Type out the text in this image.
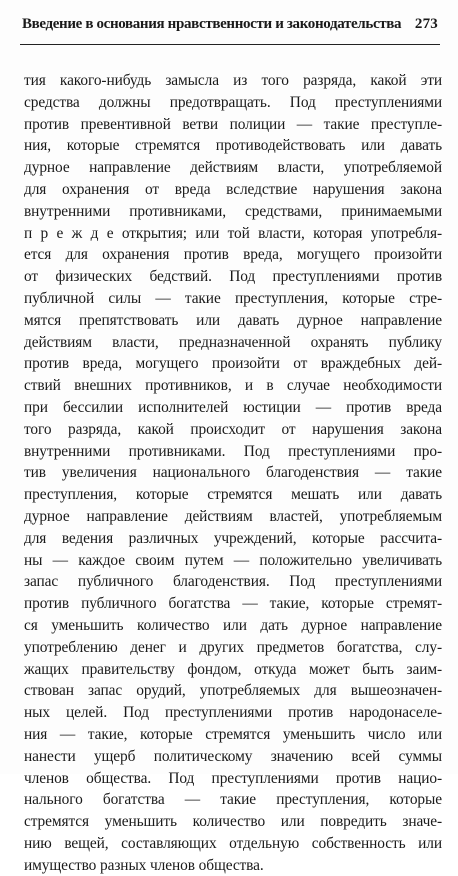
Введение в основания нравственности и законодательства 273
тия какого-нибудь замысла из того разряда, какой эти
средства должны предотвращать. Под преступлениями
против превентивной ветви полиции — такие преступле-
ния, которые стремятся противодействовать или давать
дурное направление действиям власти, употребляемой
для охранения от вреда вследствие нарушения закона
внутренними противниками, средствами, принимаемыми
п р е ж д е открытия; или той власти, которая употребля-
ется для охранения против вреда, могущего произойти
от физических бедствий. Под преступлениями против
публичной силы — такие преступления, которые стре-
мятся препятствовать или давать дурное направление
действиям власти, предназначенной охранять публику
против вреда, могущего произойти от враждебных дей-
ствий внешних противников, и в случае необходимости
при бессилии исполнителей юстиции — против вреда
того разряда, какой происходит от нарушения закона
внутренними противниками. Под преступлениями про-
тив увеличения национального благоденствия — такие
преступления, которые стремятся мешать или давать
дурное направление действиям властей, употребляемым
для ведения различных учреждений, которые рассчита-
ны — каждое своим путем — положительно увеличивать
запас публичного благоденствия. Под преступлениями
против публичного богатства — такие, которые стремят-
ся уменьшить количество или дать дурное направление
употреблению денег и других предметов богатства, слу-
жащих правительству фондом, откуда может быть заим-
ствован запас орудий, употребляемых для вышеозначен-
ных целей. Под преступлениями против народонаселе-
ния — такие, которые стремятся уменьшить число или
нанести ущерб политическому значению всей суммы
членов общества. Под преступлениями против нацио-
нального богатства — такие преступления, которые
стремятся уменьшить количество или повредить значе-
нию вещей, составляющих отдельную собственность или
имущество разных членов общества.
